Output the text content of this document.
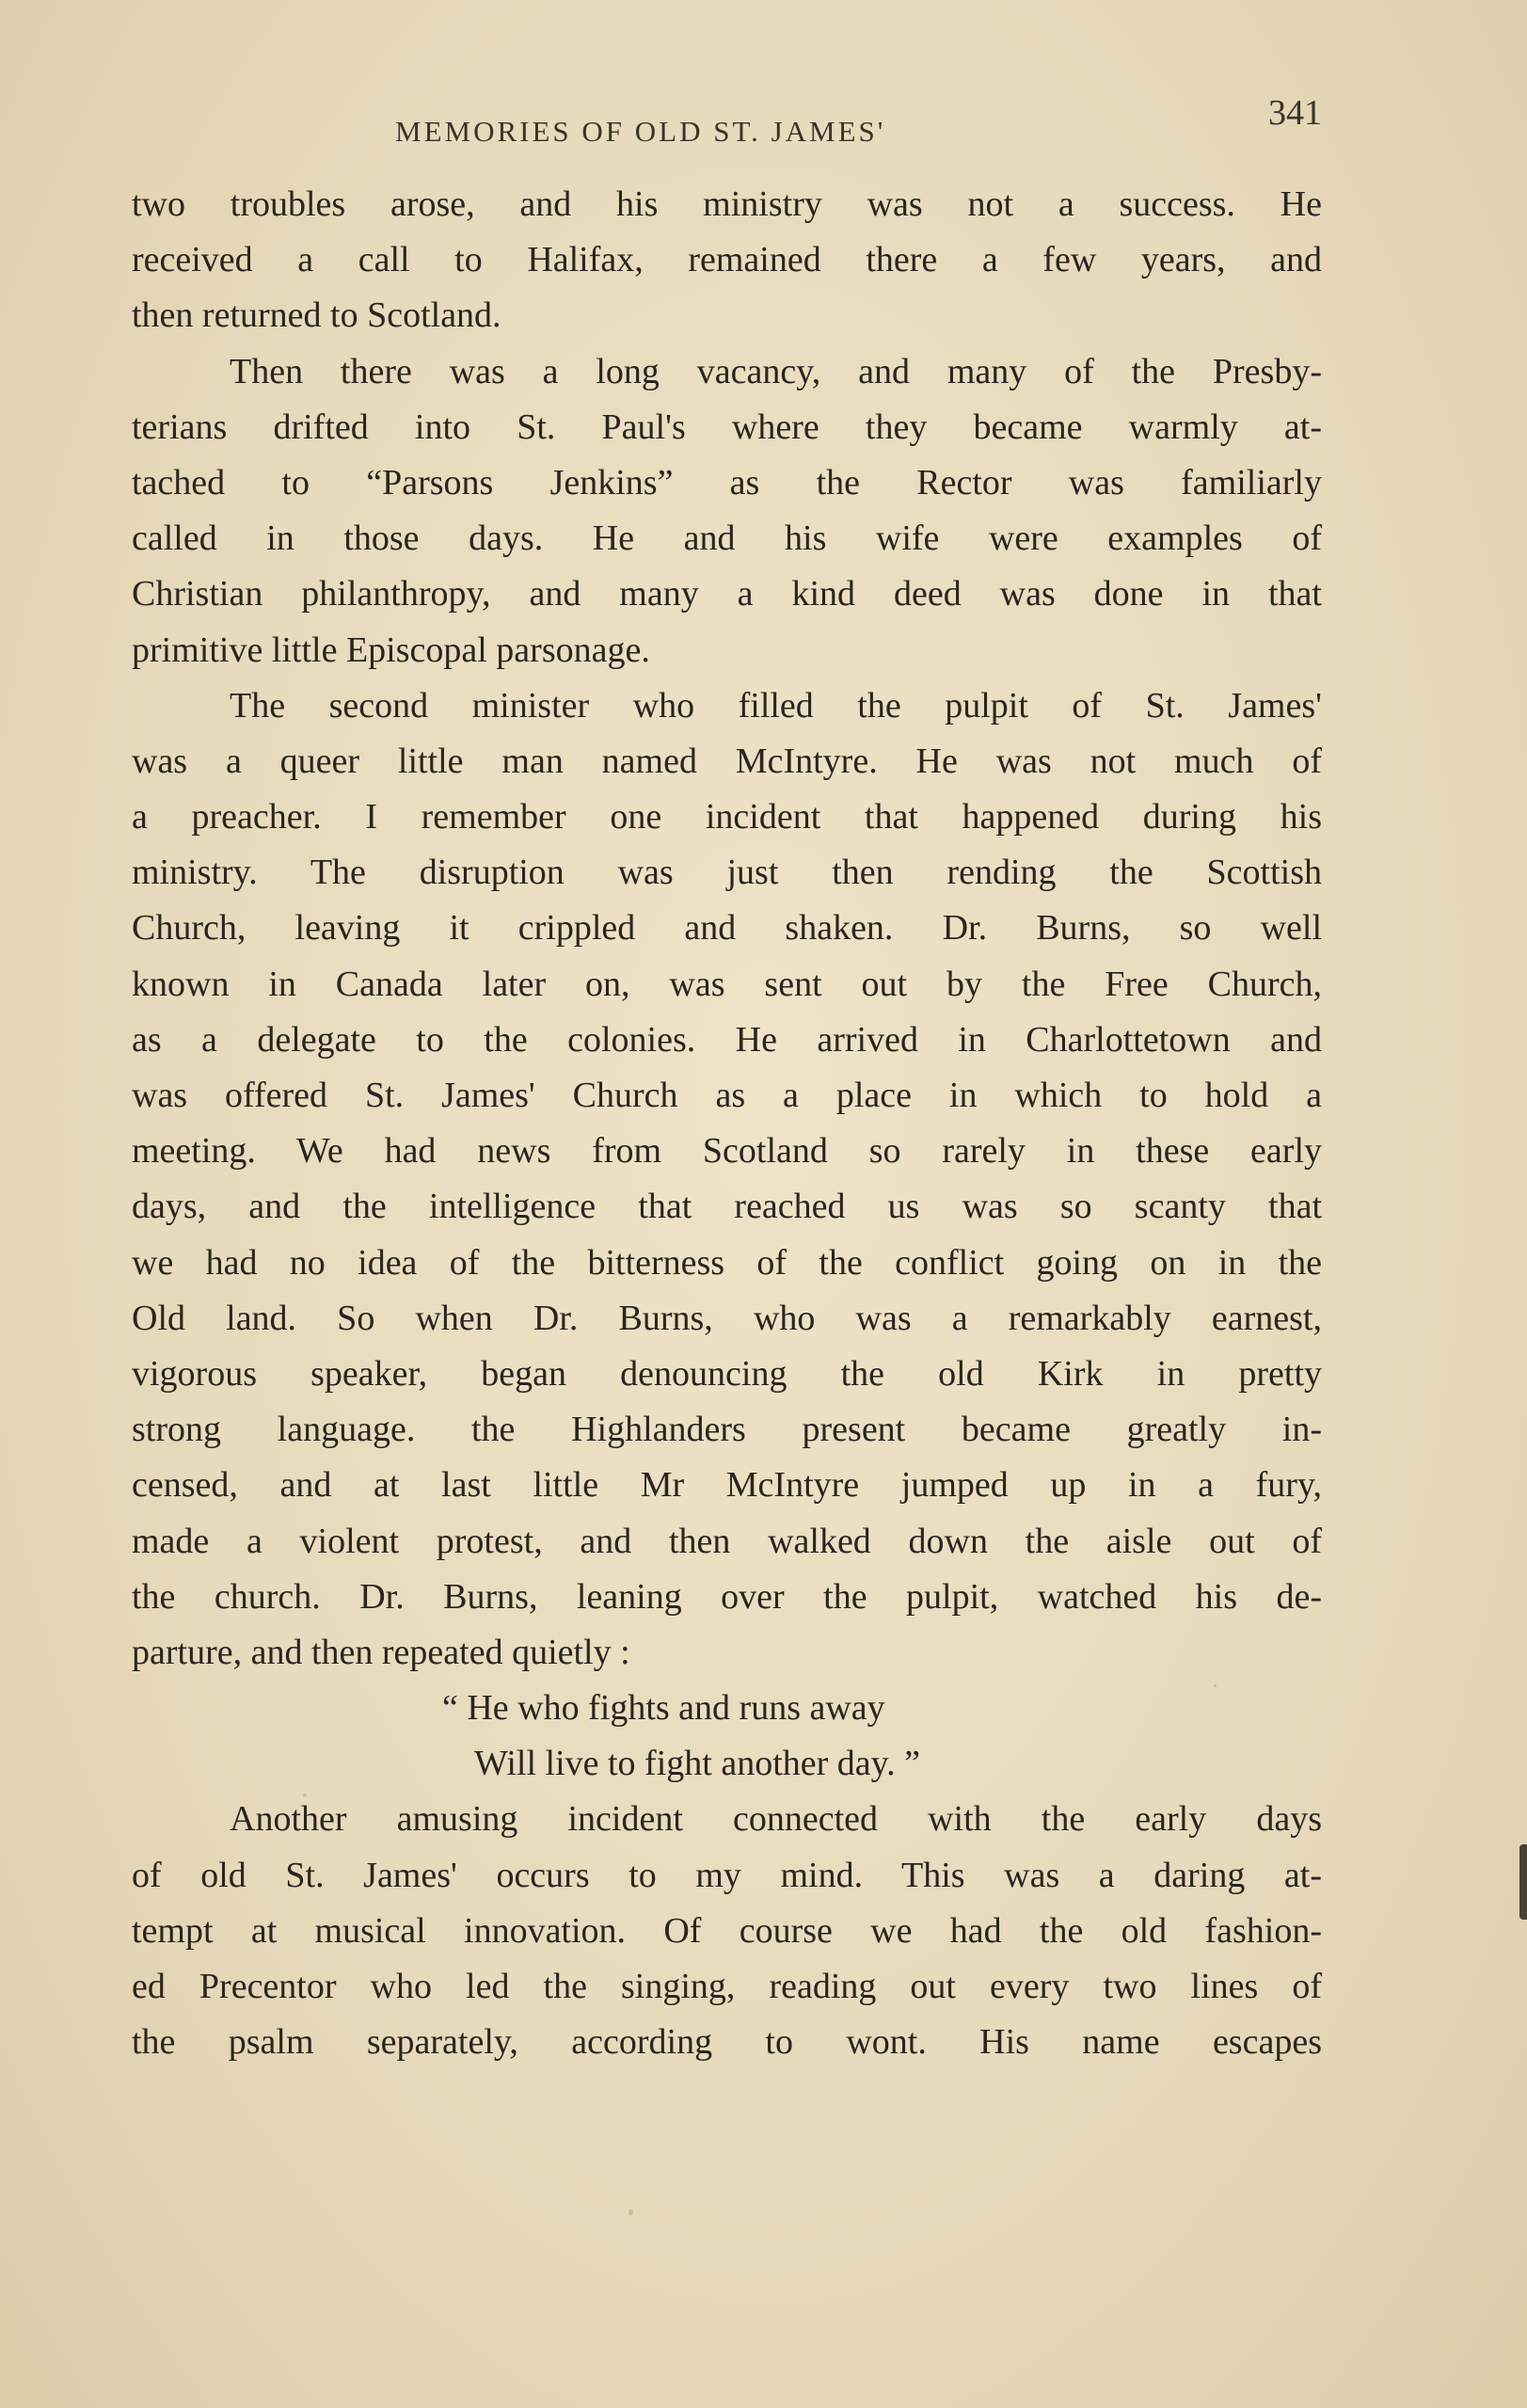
MEMORIES OF OLD ST. JAMES'	341
two troubles arose, and his ministry was not a success. He
received a call to Halifax, remained there a few years, and
then returned to Scotland.
Then there was a long vacancy, and many of the Presby-
terians drifted into St. Paul's where they became warmly at-
tached to “Parsons Jenkins” as the Rector was familiarly
called in those days. He and his wife were examples of
Christian philanthropy, and many a kind deed was done in that
primitive little Episcopal parsonage.
The second minister who filled the pulpit of St. James'
was a queer little man named McIntyre. He was not much of
a preacher. I remember one incident that happened during his
ministry. The disruption was just then rending the Scottish
Church, leaving it crippled and shaken. Dr. Burns, so well
known in Canada later on, was sent out by the Free Church,
as a delegate to the colonies. He arrived in Charlottetown and
was offered St. James' Church as a place in which to hold a
meeting. We had news from Scotland so rarely in these early
days, and the intelligence that reached us was so scanty that
we had no idea of the bitterness of the conflict going on in the
Old land. So when Dr. Burns, who was a remarkably earnest,
vigorous speaker, began denouncing the old Kirk in pretty
strong language. the Highlanders present became greatly in-
censed, and at last little Mr McIntyre jumped up in a fury,
made a violent protest, and then walked down the aisle out of
the church. Dr. Burns, leaning over the pulpit, watched his de-
parture, and then repeated quietly :
“ He who fights and runs away
Will live to fight another day. ”
Another amusing incident connected with the early days
of old St. James' occurs to my mind. This was a daring at-
tempt at musical innovation. Of course we had the old fashion-
ed Precentor who led the singing, reading out every two lines of
the psalm separately, according to wont. His name escapes
